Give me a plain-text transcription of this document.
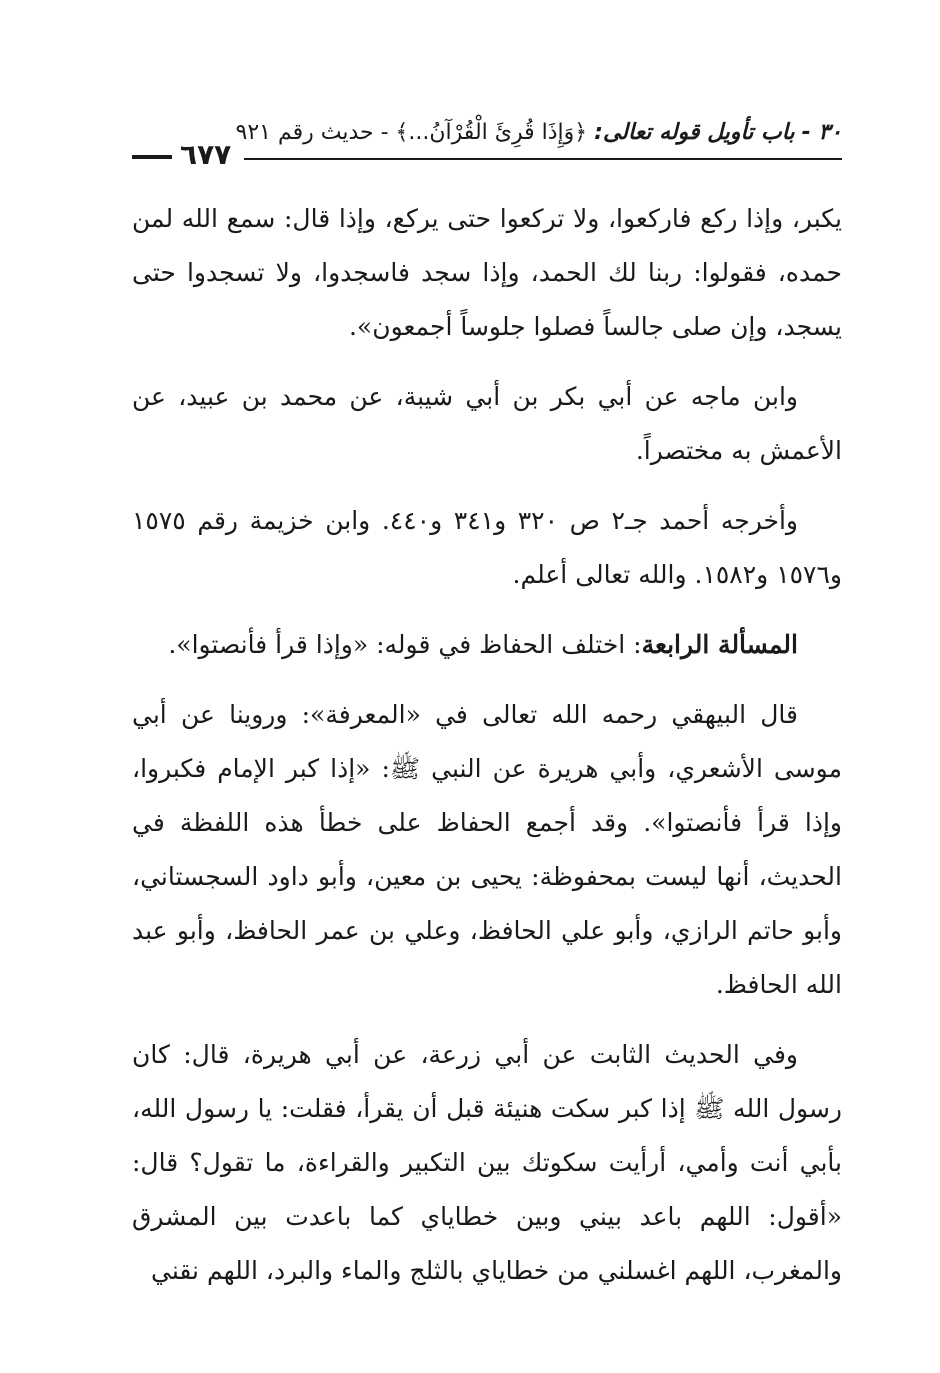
٦٧٧
٣٠ - باب تأويل قوله تعالى: ﴿وَإِذَا قُرِئَ الْقُرْآنُ...﴾ - حديث رقم ٩٢١

يكبر، وإذا ركع فاركعوا، ولا تركعوا حتى يركع، وإذا قال: سمع الله لمن حمده، فقولوا: ربنا لك الحمد، وإذا سجد فاسجدوا، ولا تسجدوا حتى يسجد، وإن صلى جالساً فصلوا جلوساً أجمعون».

وابن ماجه عن أبي بكر بن أبي شيبة، عن محمد بن عبيد، عن الأعمش به مختصراً.

وأخرجه أحمد جـ٢ ص ٣٢٠ و٣٤١ و٤٤٠. وابن خزيمة رقم ١٥٧٥ و١٥٧٦ و١٥٨٢. والله تعالى أعلم.

المسألة الرابعة: اختلف الحفاظ في قوله: «وإذا قرأ فأنصتوا».

قال البيهقي رحمه الله تعالى في «المعرفة»: وروينا عن أبي موسى الأشعري، وأبي هريرة عن النبي ﷺ: «إذا كبر الإمام فكبروا، وإذا قرأ فأنصتوا». وقد أجمع الحفاظ على خطأ هذه اللفظة في الحديث، أنها ليست بمحفوظة: يحيى بن معين، وأبو داود السجستاني، وأبو حاتم الرازي، وأبو علي الحافظ، وعلي بن عمر الحافظ، وأبو عبد الله الحافظ.

وفي الحديث الثابت عن أبي زرعة، عن أبي هريرة، قال: كان رسول الله ﷺ إذا كبر سكت هنيئة قبل أن يقرأ، فقلت: يا رسول الله، بأبي أنت وأمي، أرأيت سكوتك بين التكبير والقراءة، ما تقول؟ قال: «أقول: اللهم باعد بيني وبين خطاياي كما باعدت بين المشرق والمغرب، اللهم اغسلني من خطاياي بالثلج والماء والبرد، اللهم نقني
